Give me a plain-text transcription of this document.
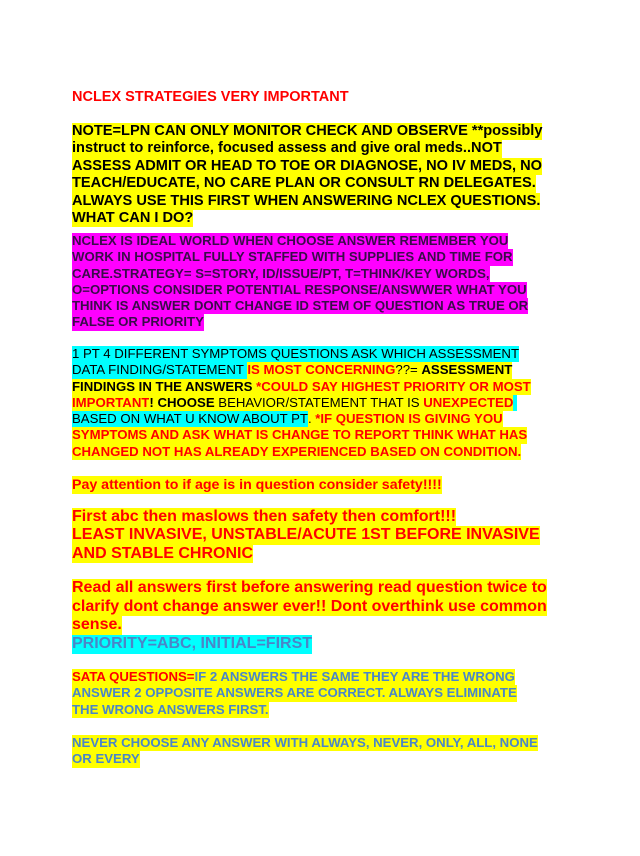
NCLEX STRATEGIES VERY IMPORTANT
NOTE=LPN CAN ONLY MONITOR CHECK AND OBSERVE **possibly
instruct to reinforce, focused assess and give oral meds..NOT
ASSESS ADMIT OR HEAD TO TOE OR DIAGNOSE, NO IV MEDS, NO
TEACH/EDUCATE, NO CARE PLAN OR CONSULT RN DELEGATES.
ALWAYS USE THIS FIRST WHEN ANSWERING NCLEX QUESTIONS.
WHAT CAN I DO?
NCLEX IS IDEAL WORLD WHEN CHOOSE ANSWER REMEMBER YOU
WORK IN HOSPITAL FULLY STAFFED WITH SUPPLIES AND TIME FOR
CARE.STRATEGY= S=STORY, ID/ISSUE/PT, T=THINK/KEY WORDS,
O=OPTIONS CONSIDER POTENTIAL RESPONSE/ANSWWER WHAT YOU
THINK IS ANSWER DONT CHANGE ID STEM OF QUESTION AS TRUE OR
FALSE OR PRIORITY
1 PT 4 DIFFERENT SYMPTOMS QUESTIONS ASK WHICH ASSESSMENT
DATA FINDING/STATEMENT IS MOST CONCERNING??= ASSESSMENT
FINDINGS IN THE ANSWERS *COULD SAY HIGHEST PRIORITY OR MOST
IMPORTANT! CHOOSE BEHAVIOR/STATEMENT THAT IS UNEXPECTED
BASED ON WHAT U KNOW ABOUT PT. *IF QUESTION IS GIVING YOU
SYMPTOMS AND ASK WHAT IS CHANGE TO REPORT THINK WHAT HAS
CHANGED NOT HAS ALREADY EXPERIENCED BASED ON CONDITION.
Pay attention to if age is in question consider safety!!!!
First abc then maslows then safety then comfort!!!
LEAST INVASIVE, UNSTABLE/ACUTE 1ST BEFORE INVASIVE
AND STABLE CHRONIC
Read all answers first before answering read question twice to
clarify dont change answer ever!! Dont overthink use common
sense.
PRIORITY=ABC, INITIAL=FIRST
SATA QUESTIONS=IF 2 ANSWERS THE SAME THEY ARE THE WRONG
ANSWER 2 OPPOSITE ANSWERS ARE CORRECT. ALWAYS ELIMINATE
THE WRONG ANSWERS FIRST.
NEVER CHOOSE ANY ANSWER WITH ALWAYS, NEVER, ONLY, ALL, NONE
OR EVERY
